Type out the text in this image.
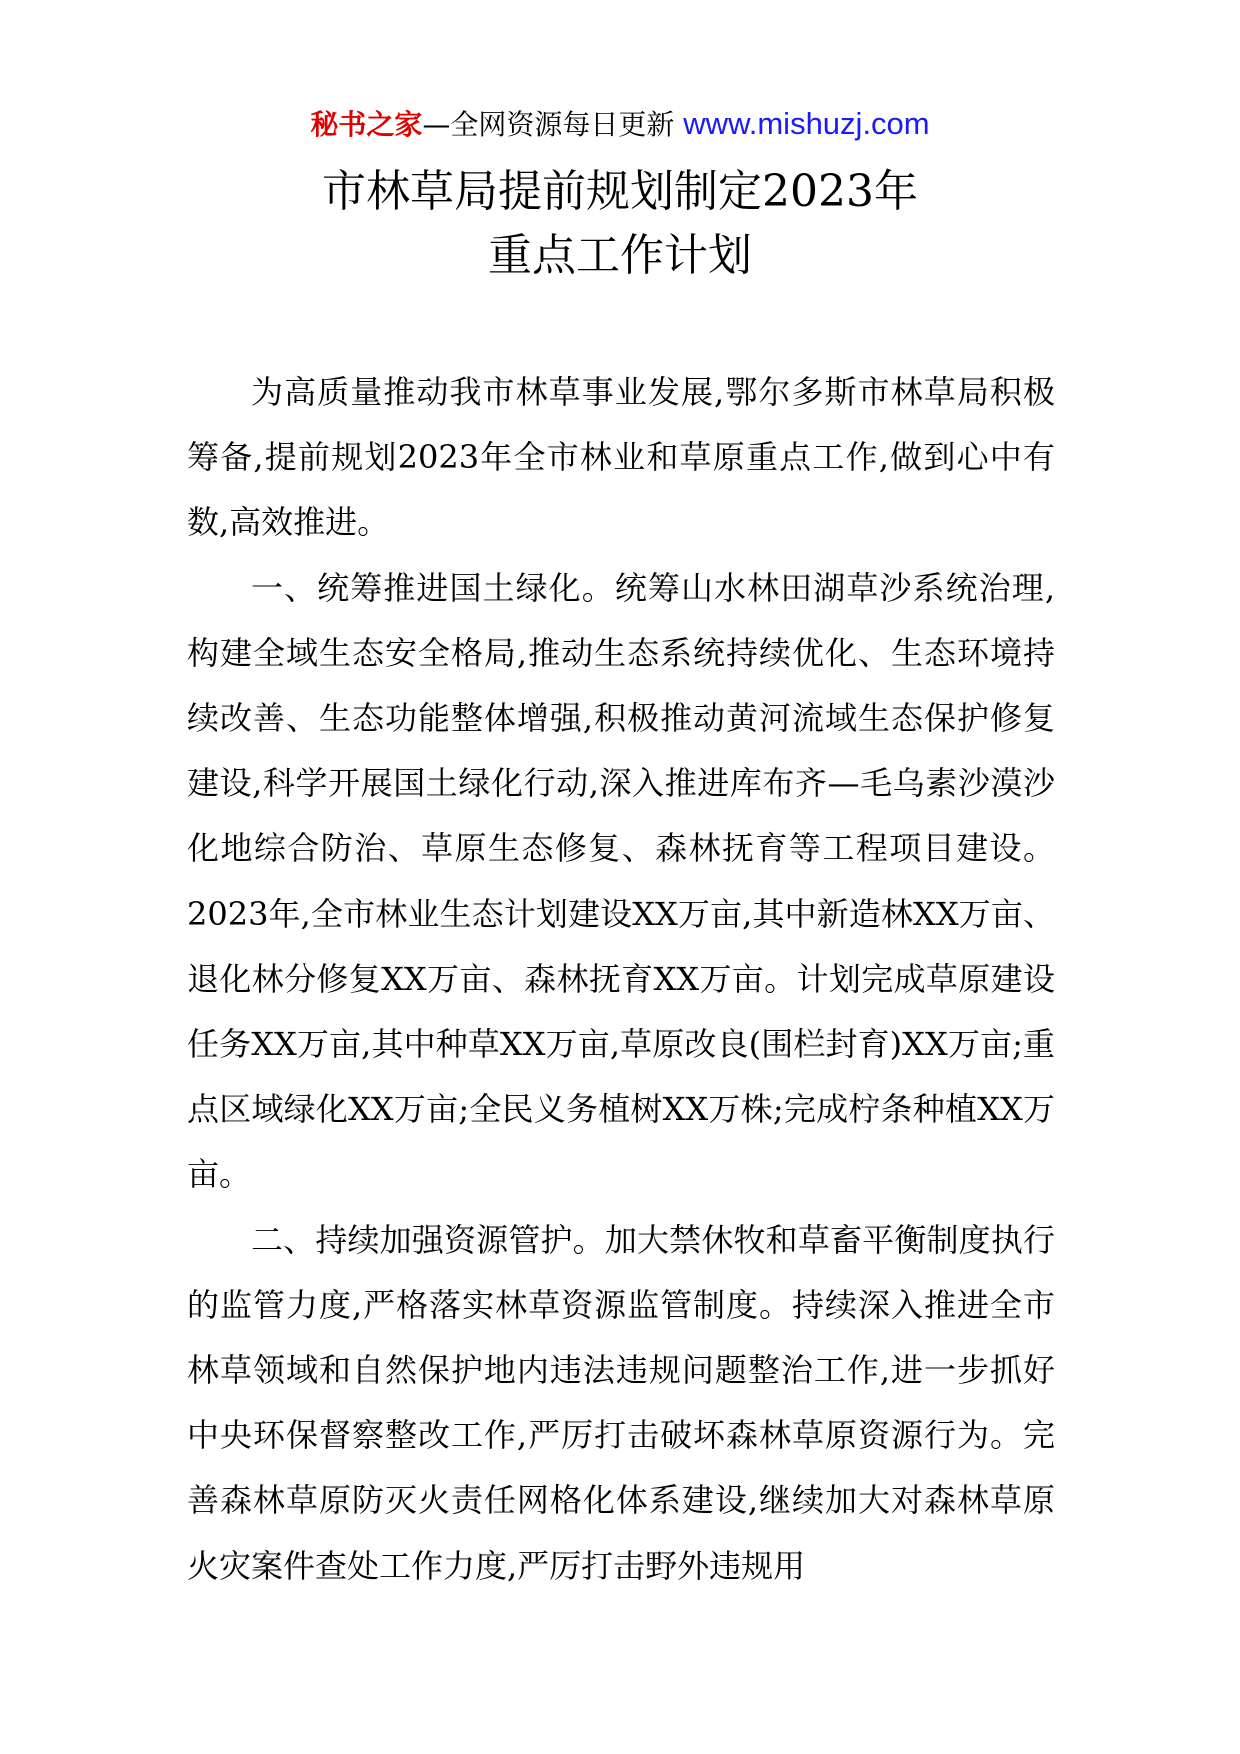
秘书之家—全网资源每日更新 www.mishuzj.com
市林草局提前规划制定2023年
重点工作计划

为高质量推动我市林草事业发展,鄂尔多斯市林草局积极筹备,提前规划2023年全市林业和草原重点工作,做到心中有数,高效推进。

一、统筹推进国土绿化。统筹山水林田湖草沙系统治理,构建全域生态安全格局,推动生态系统持续优化、生态环境持续改善、生态功能整体增强,积极推动黄河流域生态保护修复建设,科学开展国土绿化行动,深入推进库布齐—毛乌素沙漠沙化地综合防治、草原生态修复、森林抚育等工程项目建设。2023年,全市林业生态计划建设XX万亩,其中新造林XX万亩、退化林分修复XX万亩、森林抚育XX万亩。计划完成草原建设任务XX万亩,其中种草XX万亩,草原改良(围栏封育)XX万亩;重点区域绿化XX万亩;全民义务植树XX万株;完成柠条种植XX万亩。

二、持续加强资源管护。加大禁休牧和草畜平衡制度执行的监管力度,严格落实林草资源监管制度。持续深入推进全市林草领域和自然保护地内违法违规问题整治工作,进一步抓好中央环保督察整改工作,严厉打击破坏森林草原资源行为。完善森林草原防灭火责任网格化体系建设,继续加大对森林草原火灾案件查处工作力度,严厉打击野外违规用
